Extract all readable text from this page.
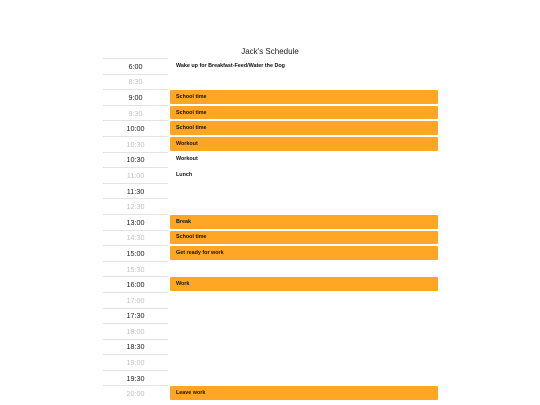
Jack's Schedule
6:00
8:30
9:00
9:30
10:00
10:30
10:30
11:00
11:30
12:30
13:00
14:30
15:00
15:30
16:00
17:00
17:30
18:00
18:30
19:00
19:30
20:00
Wake up for Breakfast-Feed/Water the Dog
School time
School time
School time
Workout
Workout
Lunch
Break
School time
Get ready for work
Work
Leave work
